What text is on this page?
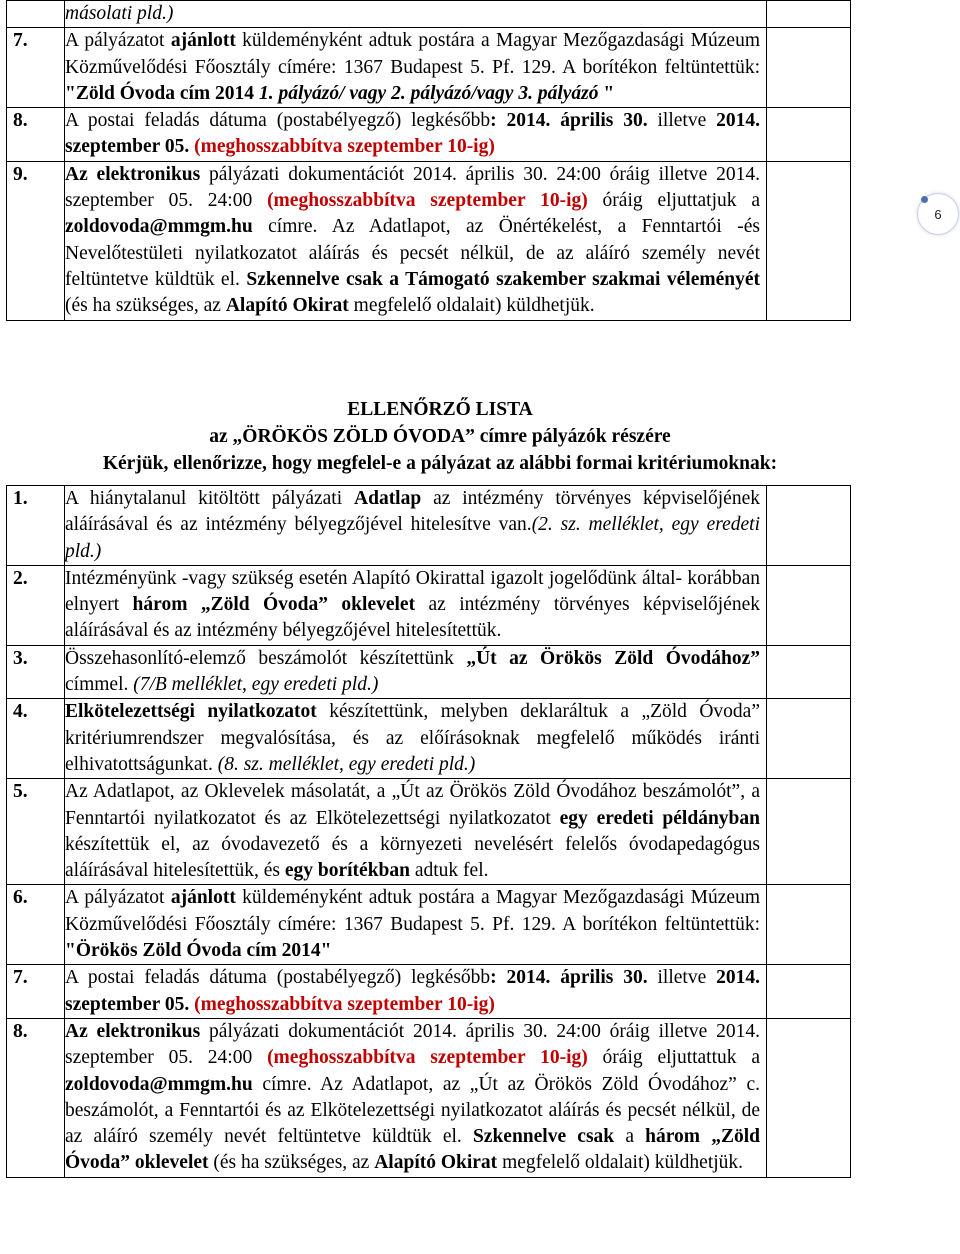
	másolati pld.)	
7.	A pályázatot ajánlott küldeményként adtuk postára a Magyar Mezőgazdasági Múzeum Közművelődési Főosztály címére: 1367 Budapest 5. Pf. 129. A borítékon feltüntettük: "Zöld Óvoda cím 2014 1. pályázó/ vagy 2. pályázó/vagy 3. pályázó "	
8.	A postai feladás dátuma (postabélyegző) legkésőbb: 2014. április 30. illetve 2014. szeptember 05. (meghosszabbítva szeptember 10-ig)	
9.	Az elektronikus pályázati dokumentációt 2014. április 30. 24:00 óráig illetve 2014. szeptember 05. 24:00 (meghosszabbítva szeptember 10-ig) óráig eljuttatjuk a zoldovoda@mmgm.hu címre. Az Adatlapot, az Önértékelést, a Fenntartói -és Nevelőtestületi nyilatkozatot aláírás és pecsét nélkül, de az aláíró személy nevét feltüntetve küldtük el. Szkennelve csak a Támogató szakember szakmai véleményét (és ha szükséges, az Alapító Okirat megfelelő oldalait) küldhetjük.	
6
ELLENŐRZŐ LISTA
az „ÖRÖKÖS ZÖLD ÓVODA” címre pályázók részére
Kérjük, ellenőrizze, hogy megfelel-e a pályázat az alábbi formai kritériumoknak:
1.	A hiánytalanul kitöltött pályázati Adatlap az intézmény törvényes képviselőjének aláírásával és az intézmény bélyegzőjével hitelesítve van.(2. sz. melléklet, egy eredeti pld.)	
2.	Intézményünk -vagy szükség esetén Alapító Okirattal igazolt jogelődünk által- korábban elnyert három „Zöld Óvoda” oklevelet az intézmény törvényes képviselőjének aláírásával és az intézmény bélyegzőjével hitelesítettük.	
3.	Összehasonlító-elemző beszámolót készítettünk „Út az Örökös Zöld Óvodához” címmel. (7/B melléklet, egy eredeti pld.)	
4.	Elkötelezettségi nyilatkozatot készítettünk, melyben deklaráltuk a „Zöld Óvoda” kritériumrendszer megvalósítása, és az előírásoknak megfelelő működés iránti elhivatottságunkat. (8. sz. melléklet, egy eredeti pld.)	
5.	Az Adatlapot, az Oklevelek másolatát, a „Út az Örökös Zöld Óvodához beszámolót”, a Fenntartói nyilatkozatot és az Elkötelezettségi nyilatkozatot egy eredeti példányban készítettük el, az óvodavezető és a környezeti nevelésért felelős óvodapedagógus aláírásával hitelesítettük, és egy borítékban adtuk fel.	
6.	A pályázatot ajánlott küldeményként adtuk postára a Magyar Mezőgazdasági Múzeum Közművelődési Főosztály címére: 1367 Budapest 5. Pf. 129. A borítékon feltüntettük: "Örökös Zöld Óvoda cím 2014"	
7.	A postai feladás dátuma (postabélyegző) legkésőbb: 2014. április 30. illetve 2014. szeptember 05. (meghosszabbítva szeptember 10-ig)	
8.	Az elektronikus pályázati dokumentációt 2014. április 30. 24:00 óráig illetve 2014. szeptember 05. 24:00 (meghosszabbítva szeptember 10-ig) óráig eljuttattuk a zoldovoda@mmgm.hu címre. Az Adatlapot, az „Út az Örökös Zöld Óvodához” c. beszámolót, a Fenntartói és az Elkötelezettségi nyilatkozatot aláírás és pecsét nélkül, de az aláíró személy nevét feltüntetve küldtük el. Szkennelve csak a három „Zöld Óvoda” oklevelet (és ha szükséges, az Alapító Okirat megfelelő oldalait) küldhetjük.	
